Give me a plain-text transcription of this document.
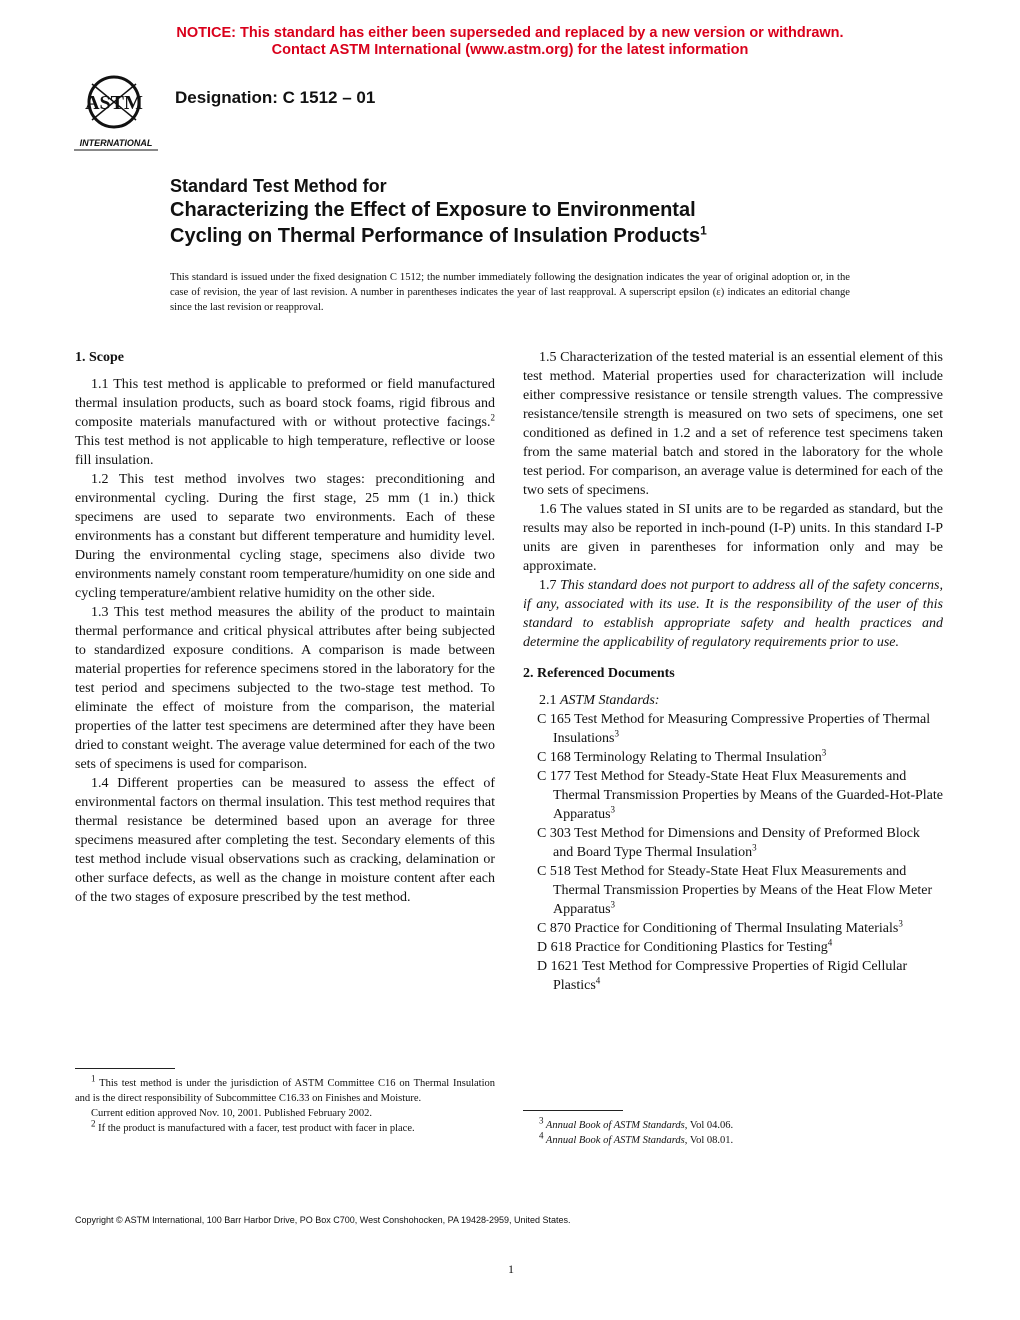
NOTICE: This standard has either been superseded and replaced by a new version or withdrawn.
Contact ASTM International (www.astm.org) for the latest information
ASTM
INTERNATIONAL
Designation: C 1512 – 01
Standard Test Method for
Characterizing the Effect of Exposure to Environmental
Cycling on Thermal Performance of Insulation Products$^1$
This standard is issued under the fixed designation C 1512; the number immediately following the designation indicates the year of original adoption or, in the case of revision, the year of last revision. A number in parentheses indicates the year of last reapproval. A superscript epsilon (ε) indicates an editorial change since the last revision or reapproval.

1. Scope

1.1 This test method is applicable to preformed or field manufactured thermal insulation products, such as board stock foams, rigid fibrous and composite materials manufactured with or without protective facings.$^2$ This test method is not applicable to high temperature, reflective or loose fill insulation.

1.2 This test method involves two stages: preconditioning and environmental cycling. During the first stage, 25 mm (1 in.) thick specimens are used to separate two environments. Each of these environments has a constant but different temperature and humidity level. During the environmental cycling stage, specimens also divide two environments namely constant room temperature/humidity on one side and cycling temperature/ambient relative humidity on the other side.

1.3 This test method measures the ability of the product to maintain thermal performance and critical physical attributes after being subjected to standardized exposure conditions. A comparison is made between material properties for reference specimens stored in the laboratory for the test period and specimens subjected to the two-stage test method. To eliminate the effect of moisture from the comparison, the material properties of the latter test specimens are determined after they have been dried to constant weight. The average value determined for each of the two sets of specimens is used for comparison.

1.4 Different properties can be measured to assess the effect of environmental factors on thermal insulation. This test method requires that thermal resistance be determined based upon an average for three specimens measured after completing the test. Secondary elements of this test method include visual observations such as cracking, delamination or other surface defects, as well as the change in moisture content after each of the two stages of exposure prescribed by the test method.

1.5 Characterization of the tested material is an essential element of this test method. Material properties used for characterization will include either compressive resistance or tensile strength values. The compressive resistance/tensile strength is measured on two sets of specimens, one set conditioned as defined in 1.2 and a set of reference test specimens taken from the same material batch and stored in the laboratory for the whole test period. For comparison, an average value is determined for each of the two sets of specimens.

1.6 The values stated in SI units are to be regarded as standard, but the results may also be reported in inch-pound (I-P) units. In this standard I-P units are given in parentheses for information only and may be approximate.

1.7 This standard does not purport to address all of the safety concerns, if any, associated with its use. It is the responsibility of the user of this standard to establish appropriate safety and health practices and determine the applicability of regulatory requirements prior to use.

2. Referenced Documents

2.1 ASTM Standards:

C 165 Test Method for Measuring Compressive Properties of Thermal Insulations$^3$

C 168 Terminology Relating to Thermal Insulation$^3$

C 177 Test Method for Steady-State Heat Flux Measurements and Thermal Transmission Properties by Means of the Guarded-Hot-Plate Apparatus$^3$

C 303 Test Method for Dimensions and Density of Preformed Block and Board Type Thermal Insulation$^3$

C 518 Test Method for Steady-State Heat Flux Measurements and Thermal Transmission Properties by Means of the Heat Flow Meter Apparatus$^3$

C 870 Practice for Conditioning of Thermal Insulating Materials$^3$

D 618 Practice for Conditioning Plastics for Testing$^4$

D 1621 Test Method for Compressive Properties of Rigid Cellular Plastics$^4$

$^1$ This test method is under the jurisdiction of ASTM Committee C16 on Thermal Insulation and is the direct responsibility of Subcommittee C16.33 on Finishes and Moisture.
Current edition approved Nov. 10, 2001. Published February 2002.
$^2$ If the product is manufactured with a facer, test product with facer in place.
$^3$ Annual Book of ASTM Standards, Vol 04.06.
$^4$ Annual Book of ASTM Standards, Vol 08.01.
Copyright © ASTM International, 100 Barr Harbor Drive, PO Box C700, West Conshohocken, PA 19428-2959, United States.
1
